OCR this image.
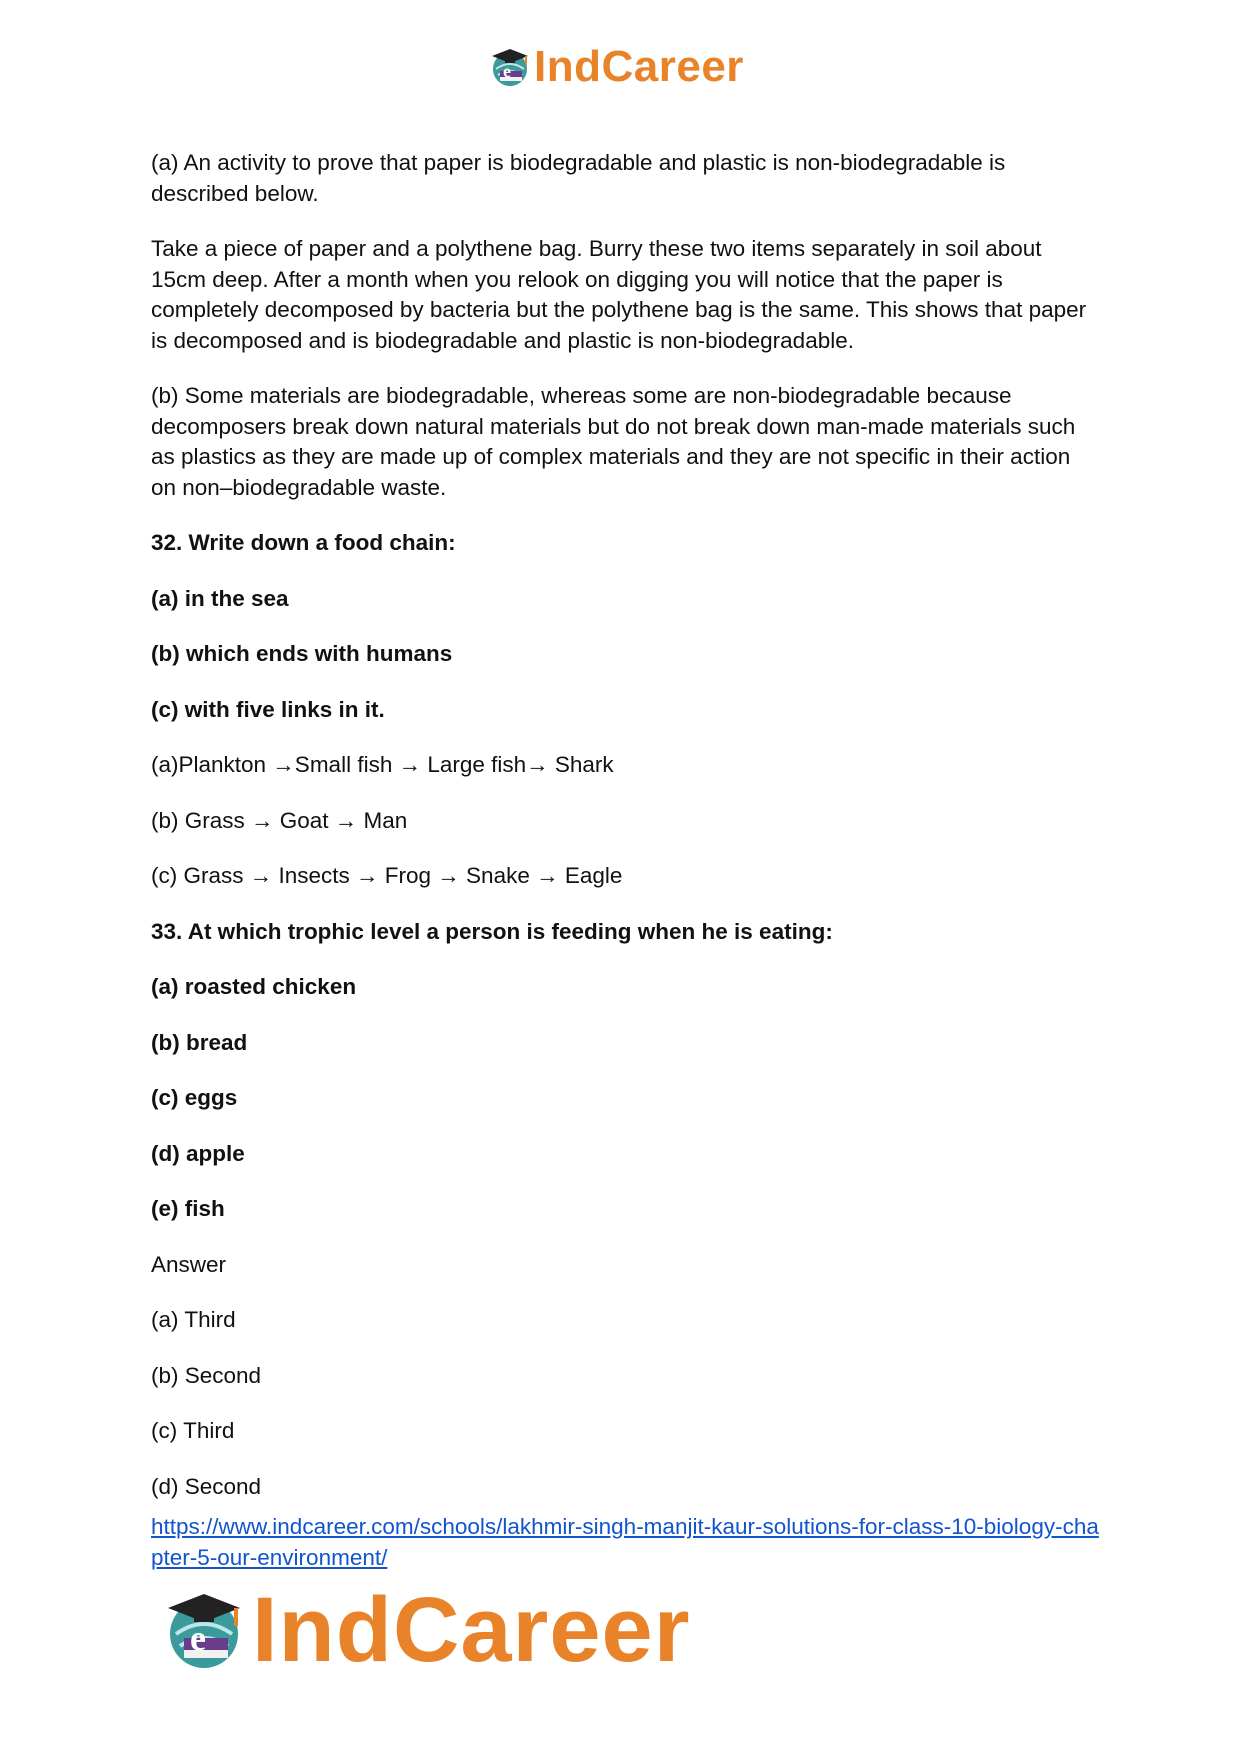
e IndCareer

(a) An activity to prove that paper is biodegradable and plastic is non-biodegradable is described below.

Take a piece of paper and a polythene bag. Burry these two items separately in soil about 15cm deep. After a month when you relook on digging you will notice that the paper is completely decomposed by bacteria but the polythene bag is the same. This shows that paper is decomposed and is biodegradable and plastic is non-biodegradable.

(b) Some materials are biodegradable, whereas some are non-biodegradable because decomposers break down natural materials but do not break down man-made materials such as plastics as they are made up of complex materials and they are not specific in their action on non–biodegradable waste.

32. Write down a food chain:

(a) in the sea

(b) which ends with humans

(c) with five links in it.

(a)Plankton →Small fish → Large fish→ Shark

(b) Grass → Goat → Man

(c) Grass → Insects → Frog → Snake → Eagle

33. At which trophic level a person is feeding when he is eating:

(a) roasted chicken

(b) bread

(c) eggs

(d) apple

(e) fish

Answer

(a) Third

(b) Second

(c) Third

(d) Second

https://www.indcareer.com/schools/lakhmir-singh-manjit-kaur-solutions-for-class-10-biology-chapter-5-our-environment/
e IndCareer
